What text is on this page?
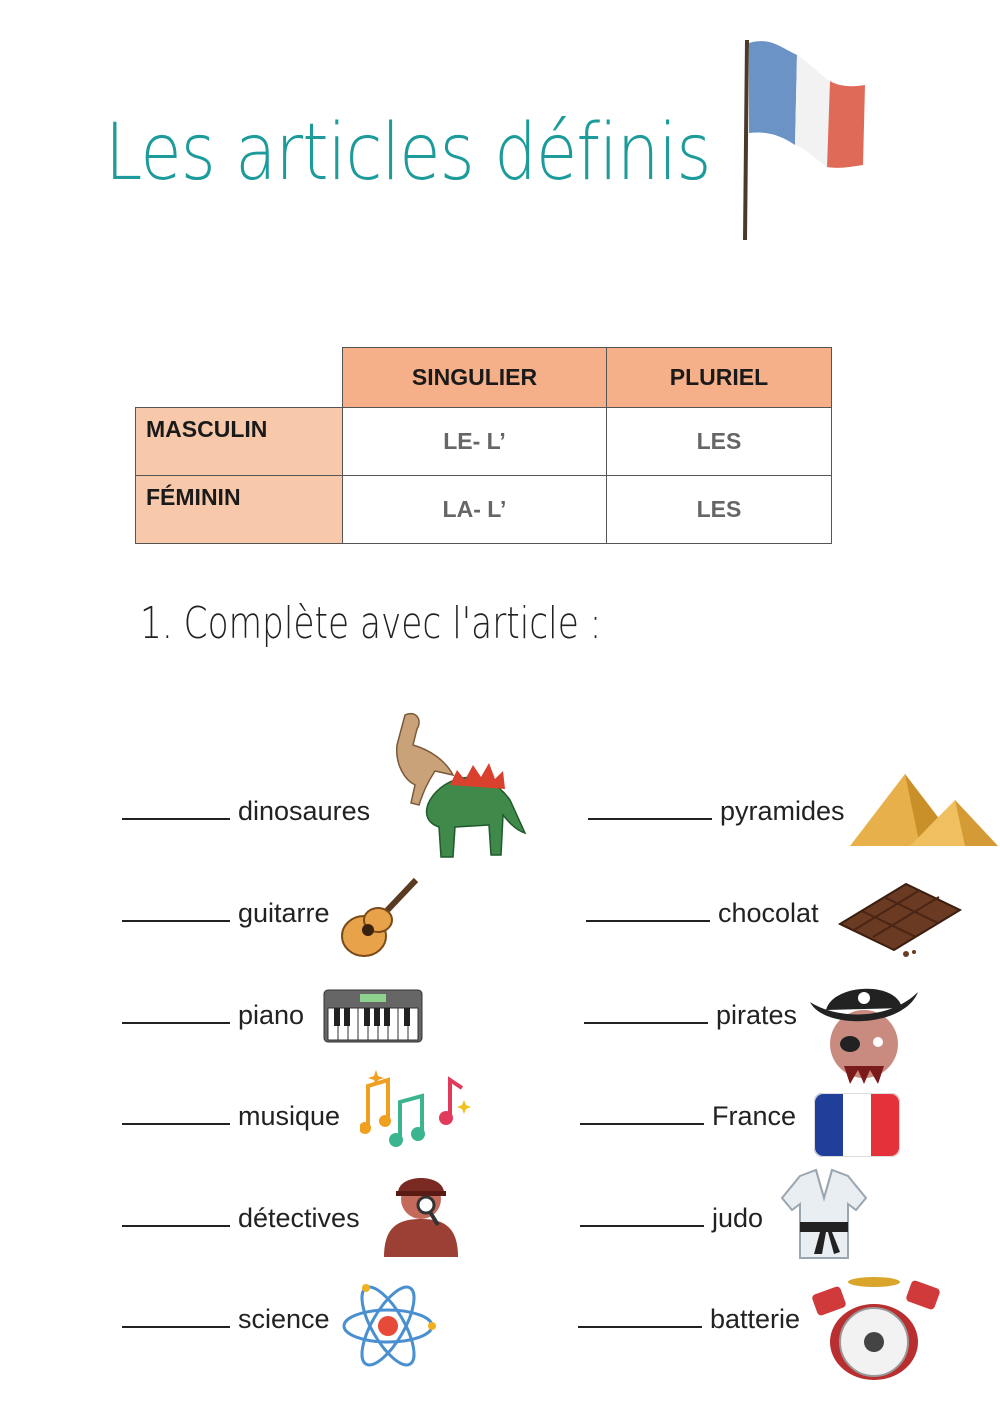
Les articles définis
	SINGULIER	PLURIEL
MASCULIN	LE- L’	LES
FÉMININ	LA- L’	LES
1. Complète avec l'article :
dinosaures
guitarre
piano
musique
détectives
science
pyramides
chocolat
pirates
France
judo
batterie
